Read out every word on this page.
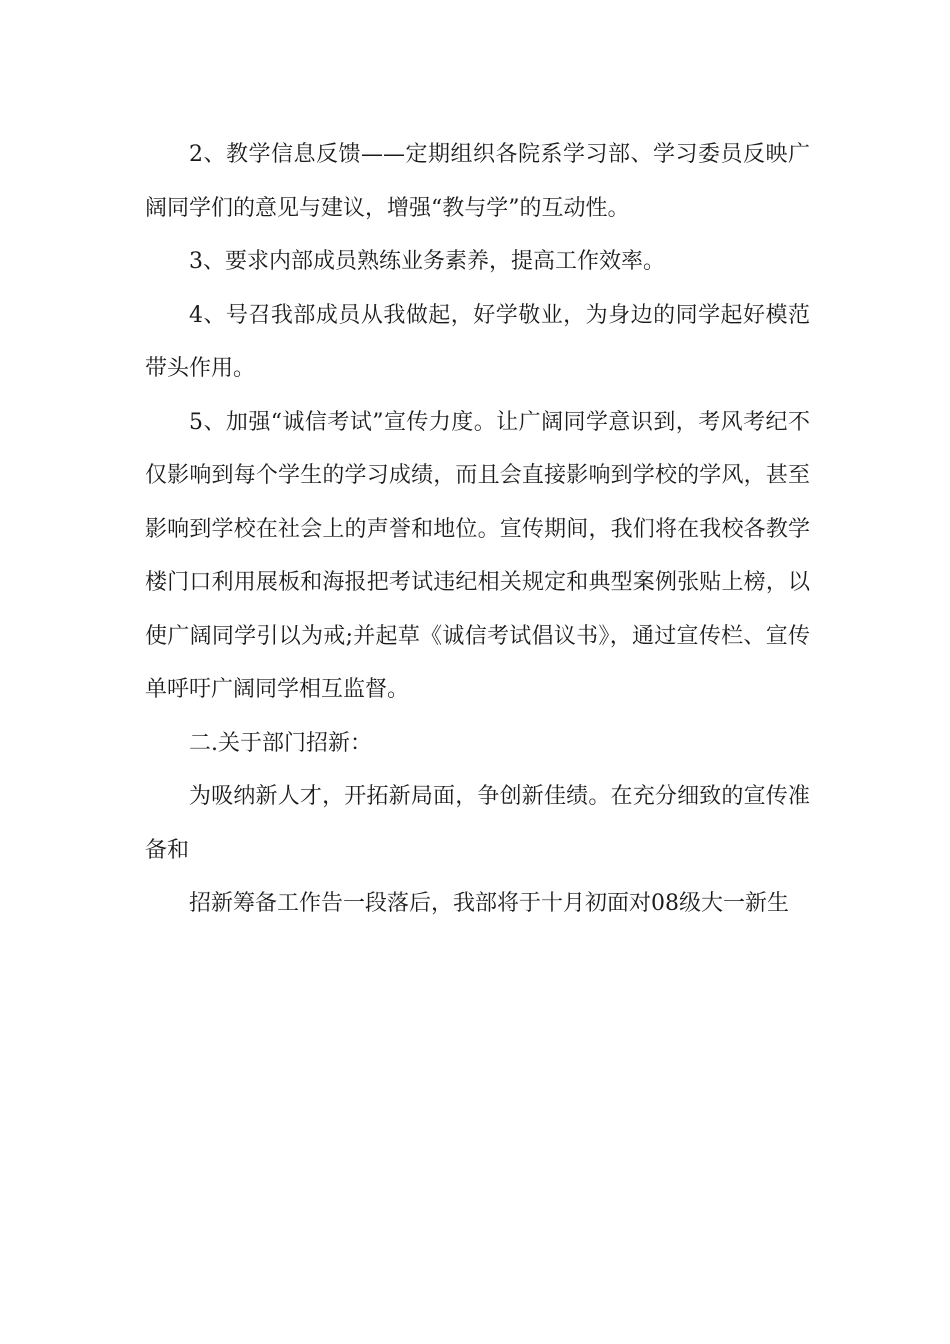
2、教学信息反馈——定期组织各院系学习部、学习委员反映广阔同学们的意见与建议，增强“教与学”的互动性。

3、要求内部成员熟练业务素养，提高工作效率。

4、号召我部成员从我做起，好学敬业，为身边的同学起好模范带头作用。

5、加强“诚信考试”宣传力度。让广阔同学意识到，考风考纪不仅影响到每个学生的学习成绩，而且会直接影响到学校的学风，甚至影响到学校在社会上的声誉和地位。宣传期间，我们将在我校各教学楼门口利用展板和海报把考试违纪相关规定和典型案例张贴上榜，以使广阔同学引以为戒;并起草《诚信考试倡议书》，通过宣传栏、宣传单呼吁广阔同学相互监督。

二.关于部门招新：

为吸纳新人才，开拓新局面，争创新佳绩。在充分细致的宣传准备和

招新筹备工作告一段落后，我部将于十月初面对08级大一新生
